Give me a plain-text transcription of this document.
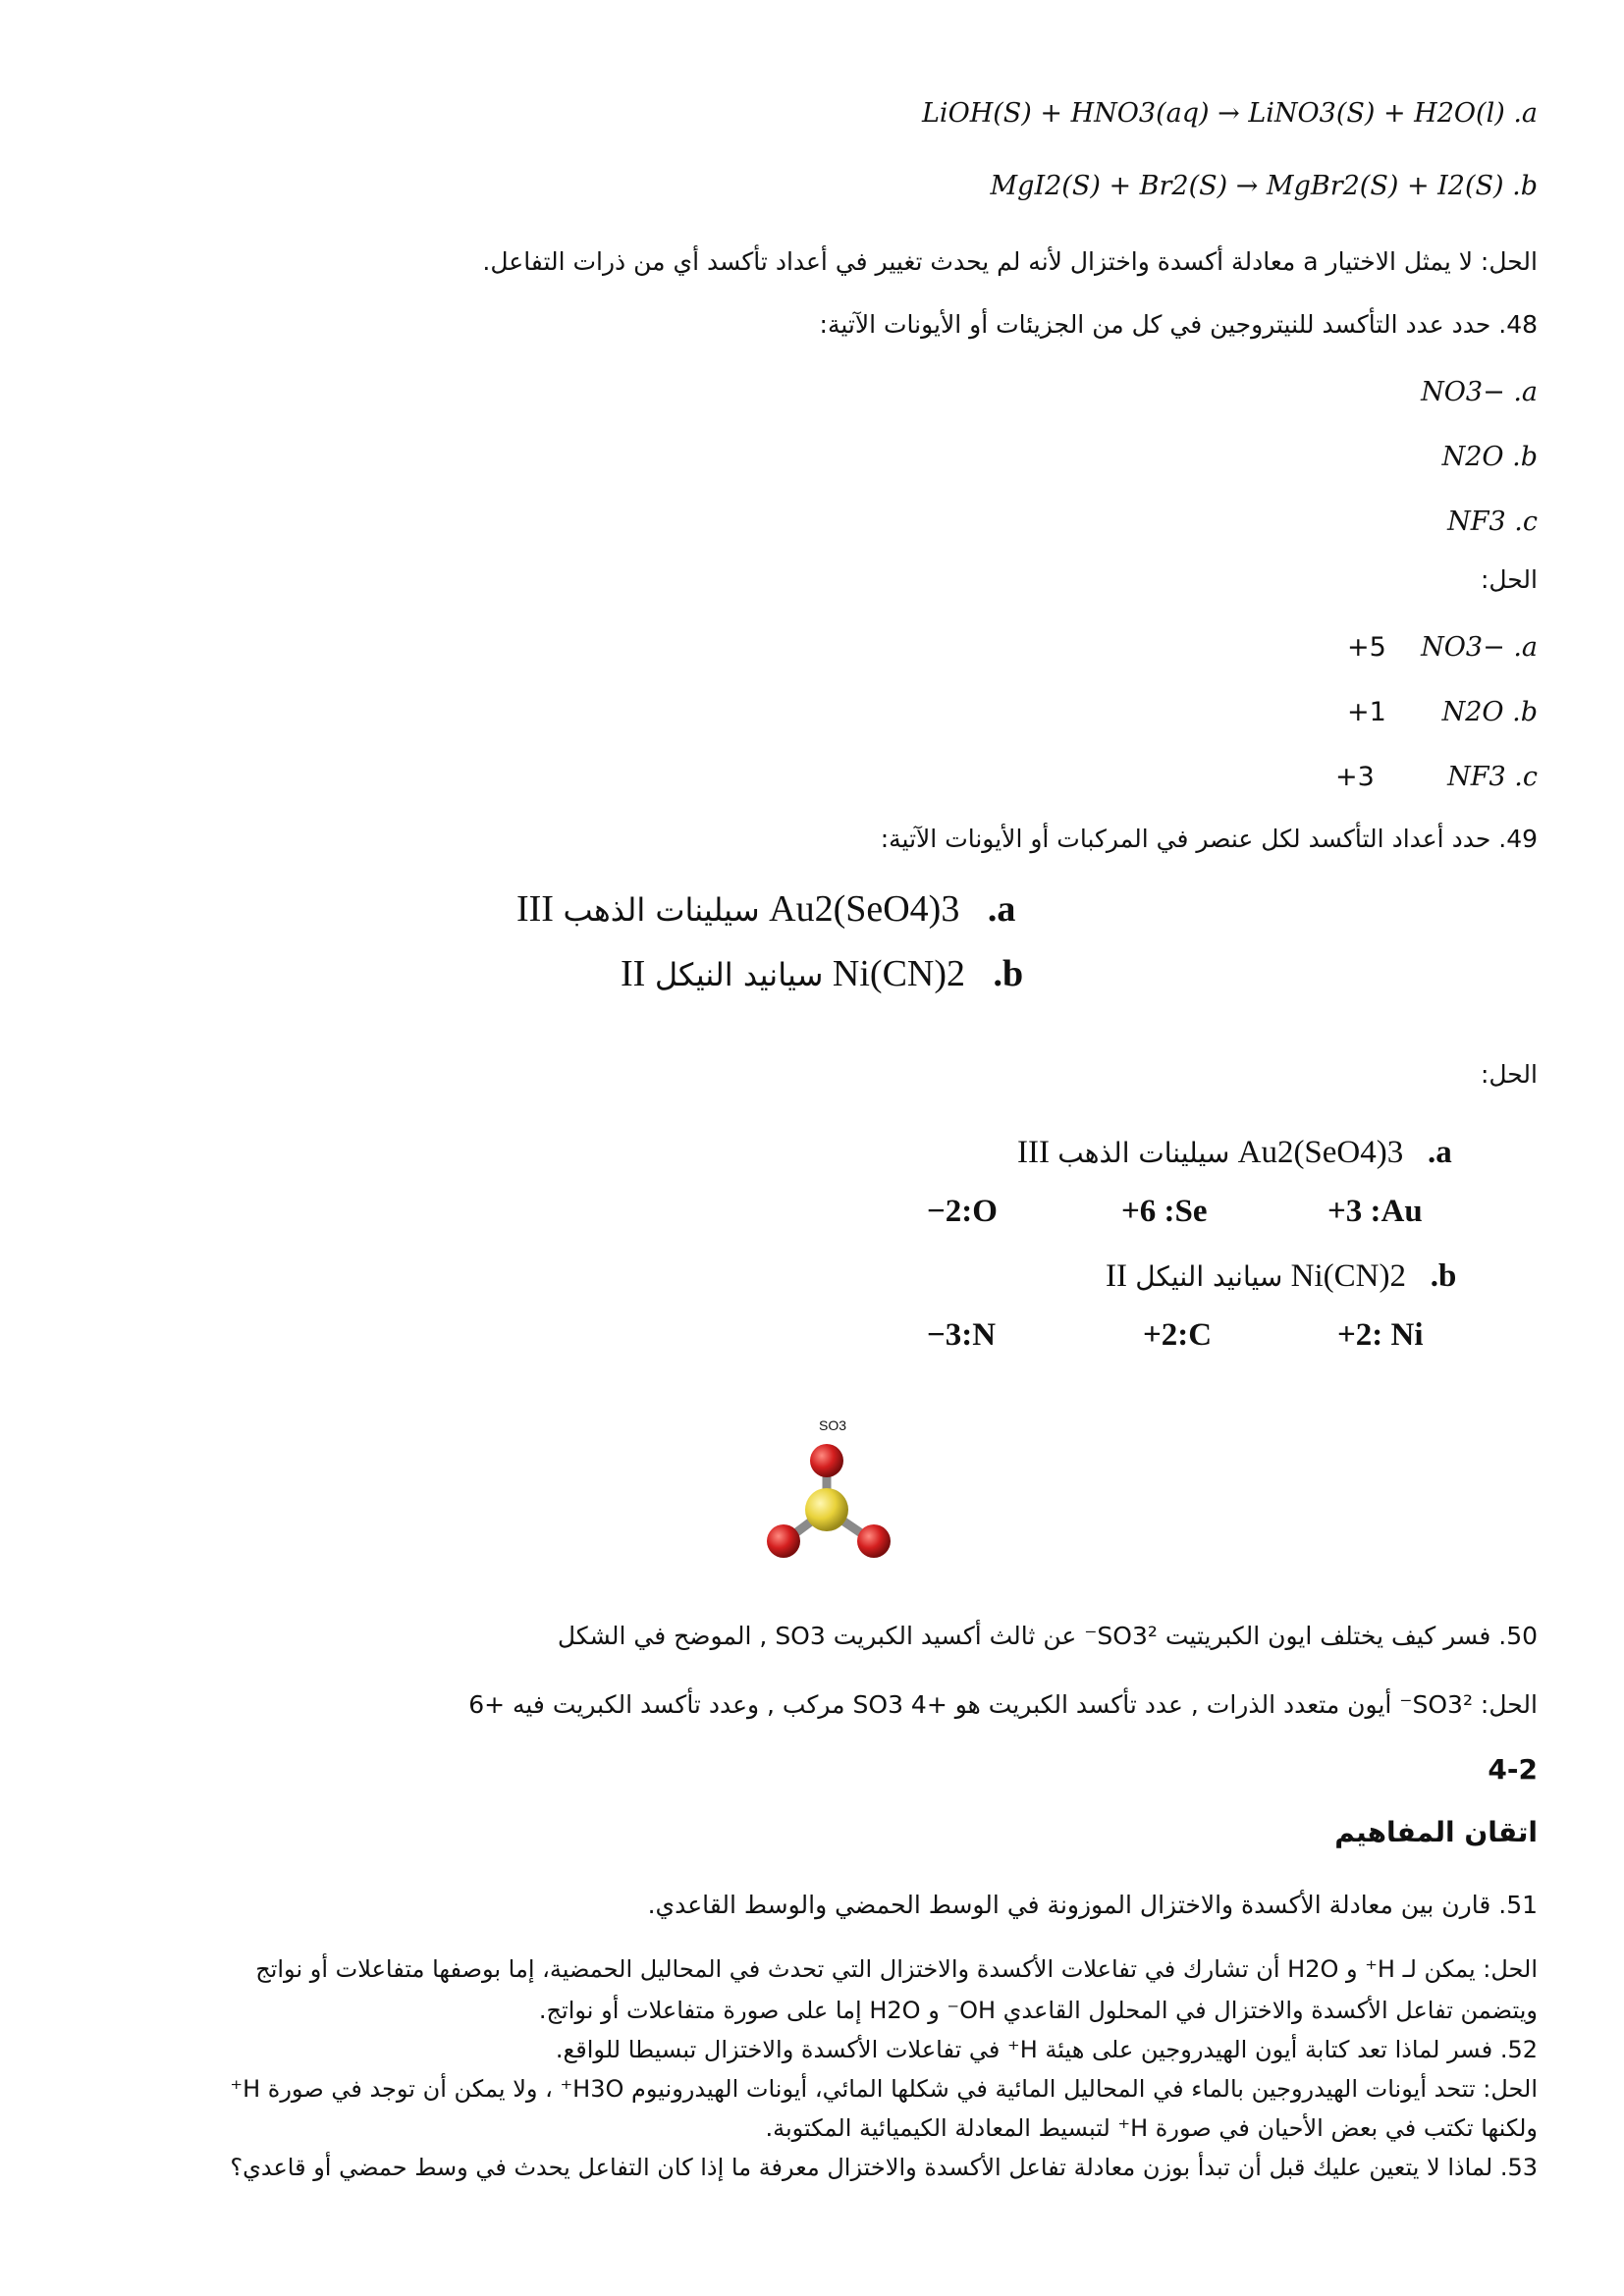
LiOH(S) + HNO3(aq) → LiNO3(S) + H2O(l) .a
MgI2(S) + Br2(S) → MgBr2(S) + I2(S) .b
الحل: لا يمثل الاختيار a معادلة أكسدة واختزال لأنه لم يحدث تغيير في أعداد تأكسد أي من ذرات التفاعل.
48. حدد عدد التأكسد للنيتروجين في كل من الجزيئات أو الأيونات الآتية:
NO3− .a
N2O .b
NF3 .c
الحل:
+5 NO3− .a
+1 N2O .b
+3	NF3 .c
49. حدد أعداد التأكسد لكل عنصر في المركبات أو الأيونات الآتية:
III سيلينات الذهب Au2(SeO4)3 .a
II سيانيد النيكل Ni(CN)2 .b
الحل:
III سيلينات الذهب Au2(SeO4)3 .a
−2:O	+6 :Se	+3 :Au
II سيانيد النيكل Ni(CN)2 .b
−3:N	+2:C	+2: Ni
SO3
50. فسر كيف يختلف ايون الكبريتيت SO3²⁻ عن ثالث أكسيد الكبريت SO3 , الموضح في الشكل
الحل: SO3²⁻ أيون متعدد الذرات , عدد تأكسد الكبريت هو +4 SO3 مركب , وعدد تأكسد الكبريت فيه +6
4-2
اتقان المفاهيم
51. قارن بين معادلة الأكسدة والاختزال الموزونة في الوسط الحمضي والوسط القاعدي.
الحل: يمكن لـ H⁺ و H2O أن تشارك في تفاعلات الأكسدة والاختزال التي تحدث في المحاليل الحمضية، إما بوصفها متفاعلات أو نواتج
ويتضمن تفاعل الأكسدة والاختزال في المحلول القاعدي OH⁻ و H2O إما على صورة متفاعلات أو نواتج.
52. فسر لماذا تعد كتابة أيون الهيدروجين على هيئة H⁺ في تفاعلات الأكسدة والاختزال تبسيطا للواقع.
الحل: تتحد أيونات الهيدروجين بالماء في المحاليل المائية في شكلها المائي، أيونات الهيدرونيوم H3O⁺ ، ولا يمكن أن توجد في صورة H⁺
ولكنها تكتب في بعض الأحيان في صورة H⁺ لتبسيط المعادلة الكيميائية المكتوبة.
53. لماذا لا يتعين عليك قبل أن تبدأ بوزن معادلة تفاعل الأكسدة والاختزال معرفة ما إذا كان التفاعل يحدث في وسط حمضي أو قاعدي؟
